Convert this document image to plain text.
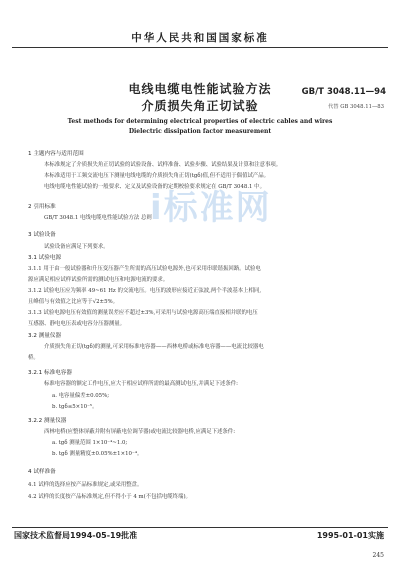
中华人民共和国国家标准
电线电缆电性能试验方法
介质损失角正切试验
GB/T 3048.11—94
代替 GB 3048.11—83
Test methods for determining electrical properties of electric cables and wires
Dielectric dissipation factor measurement
i标准网
1 主题内容与适用范围
本标准规定了介质损失角正切试验的试验设备、试样准备、试验步骤、试验结果及计算和注意事项。
本标准适用于工频交流电压下测量电线电缆的介质损失角正切(tgδ)值,但不适用于偶值试产品。
电线电缆电性能试验的一般要求、定义及试验设备的定期校验要求规定在 GB/T 3048.1 中。
2 引用标准
GB/T 3048.1 电线电缆电性能试验方法 总则
3 试验设备
试验设备应满足下列要求。
3.1 试验电源
3.1.1 用于由一般试验器和升压变压器产生所需的高压试验电源外,也可采用串联谐振回路。试验电
源应满足相应试样试验所需的测试电压和电源电流的要求。
3.1.2 试验电压应为频率 49~61 Hz 的交流电压。电压的波形应接近正弦波,两个半波基本上相同,
且峰值与有效值之比应等于√2±5%。
3.1.3 试验电源电压有效值的测量误差应不超过±3%,可采用与试验电源高压端直接相并联的电压
互感器、静电电压表或电容分压器测量。
3.2 测量仪器
介质损失角正切(tgδ)的测量,可采用标准电容器——西林电桥或标准电容器——电流比较器电
桥。
3.2.1 标准电容器
标准电容器的额定工作电压,应大于相应试样所需的最高测试电压,并满足下述条件:
a. 电容量偏差±0.05%;
b. tgδ≤5×10⁻⁵。
3.2.2 测量仪器
西林电桥(应整体屏蔽并附有屏蔽电位调节器)或电流比较器电桥,应满足下述条件:
a. tgδ 测量范围 1×10⁻⁴~1.0;
b. tgδ 测量精度±0.05%±1×10⁻⁴。
4 试样准备
4.1 试样的选择应按产品标准规定,或采用整盘。
4.2 试样的长度按产品标准规定,但不得小于 4 m(不包括电缆终端)。
国家技术监督局1994-05-19批准	1995-01-01实施
245
